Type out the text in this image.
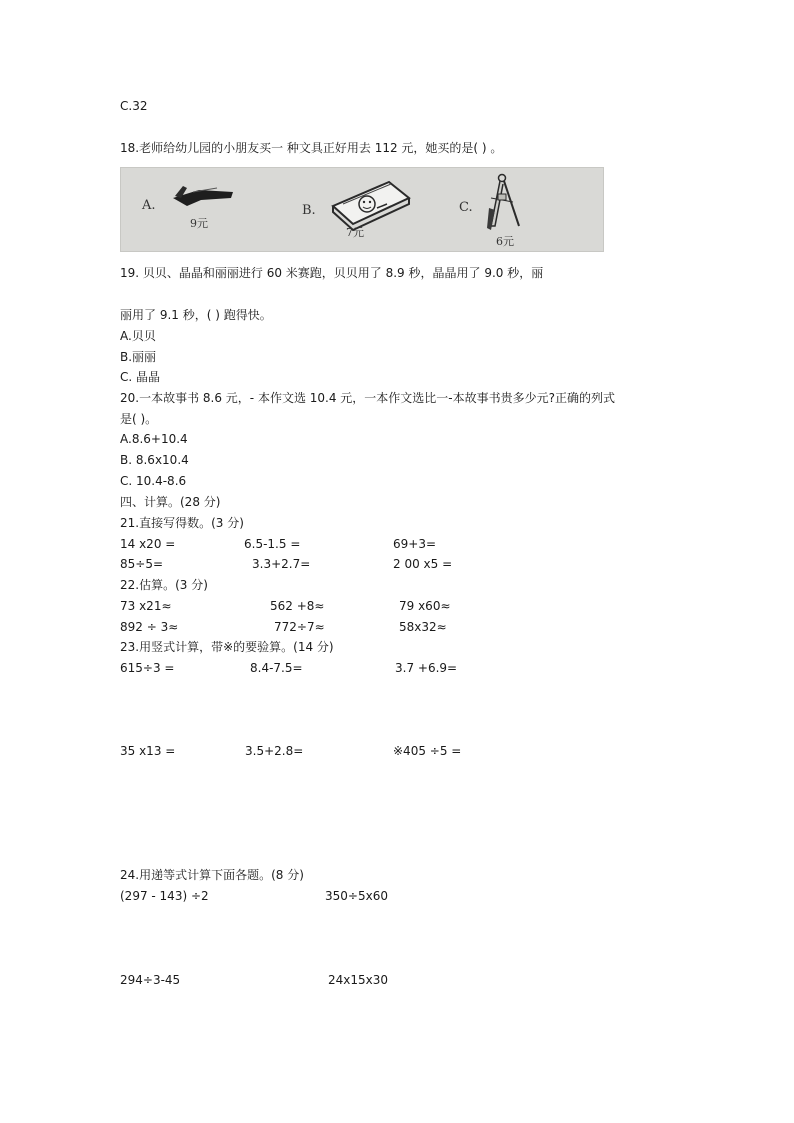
C.32
18.老师给幼儿园的小朋友买一 种文具正好用去 112 元，她买的是( ) 。
A.
9元
B.
7元
C.
6元
19. 贝贝、晶晶和丽丽进行 60 米赛跑，贝贝用了 8.9 秒，晶晶用了 9.0 秒，丽
丽用了 9.1 秒，( ) 跑得快。
A.贝贝
B.丽丽
C. 晶晶
20.一本故事书 8.6 元，- 本作文选 10.4 元，一本作文选比一-本故事书贵多少元?正确的列式
是( )。
A.8.6+10.4
B. 8.6x10.4
C. 10.4-8.6
四、计算。(28 分)
21.直接写得数。(3 分)
14 x20 =	6.5-1.5 =	69+3=
85÷5=	3.3+2.7=	2 00 x5 =
22.估算。(3 分)
73 x21≈	562 +8≈	79 x60≈
892 ÷ 3≈	772÷7≈	58x32≈
23.用竖式计算，带※的要验算。(14 分)
615÷3 =	8.4-7.5=	3.7 +6.9=
35 x13 =	3.5+2.8=	※405 ÷5 =
24.用递等式计算下面各题。(8 分)
(297 - 143) ÷2	350÷5x60
294÷3-45	24x15x30
